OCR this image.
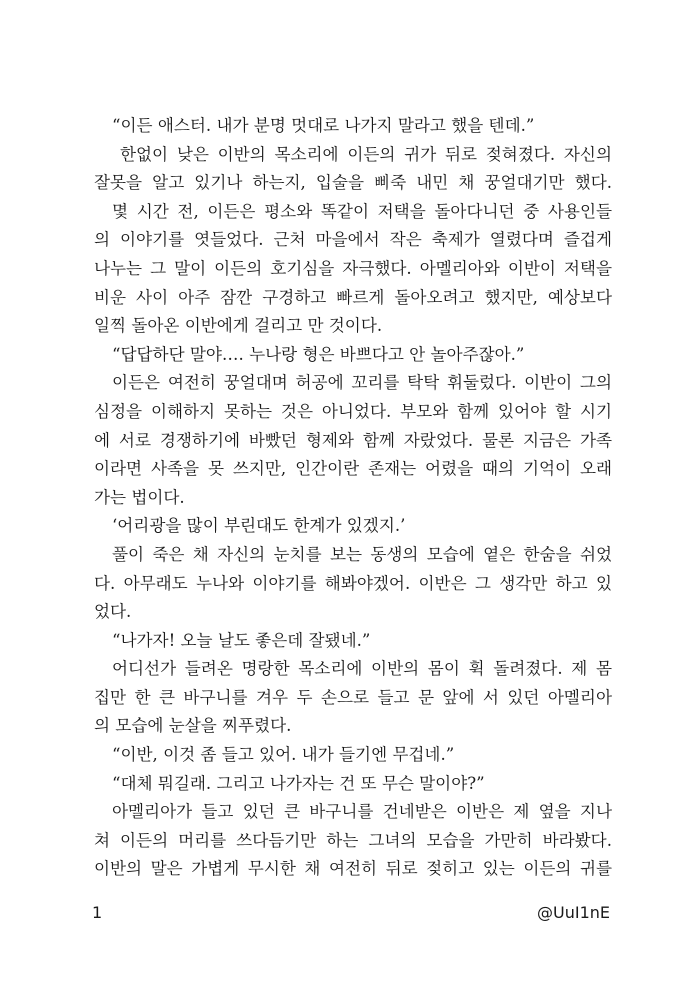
“이든 애스터. 내가 분명 멋대로 나가지 말라고 했을 텐데.”
한없이 낮은 이반의 목소리에 이든의 귀가 뒤로 젖혀졌다. 자신의
잘못을 알고 있기나 하는지, 입술을 삐죽 내민 채 꿍얼대기만 했다.
몇 시간 전, 이든은 평소와 똑같이 저택을 돌아다니던 중 사용인들
의 이야기를 엿들었다. 근처 마을에서 작은 축제가 열렸다며 즐겁게
나누는 그 말이 이든의 호기심을 자극했다. 아멜리아와 이반이 저택을
비운 사이 아주 잠깐 구경하고 빠르게 돌아오려고 했지만, 예상보다
일찍 돌아온 이반에게 걸리고 만 것이다.
“답답하단 말야…. 누나랑 형은 바쁘다고 안 놀아주잖아.”
이든은 여전히 꿍얼대며 허공에 꼬리를 탁탁 휘둘렀다. 이반이 그의
심정을 이해하지 못하는 것은 아니었다. 부모와 함께 있어야 할 시기
에 서로 경쟁하기에 바빴던 형제와 함께 자랐었다. 물론 지금은 가족
이라면 사족을 못 쓰지만, 인간이란 존재는 어렸을 때의 기억이 오래
가는 법이다.
‘어리광을 많이 부린대도 한계가 있겠지.’
풀이 죽은 채 자신의 눈치를 보는 동생의 모습에 옅은 한숨을 쉬었
다. 아무래도 누나와 이야기를 해봐야겠어. 이반은 그 생각만 하고 있
었다.
“나가자! 오늘 날도 좋은데 잘됐네.”
어디선가 들려온 명랑한 목소리에 이반의 몸이 휙 돌려졌다. 제 몸
집만 한 큰 바구니를 겨우 두 손으로 들고 문 앞에 서 있던 아멜리아
의 모습에 눈살을 찌푸렸다.
“이반, 이것 좀 들고 있어. 내가 들기엔 무겁네.”
“대체 뭐길래. 그리고 나가자는 건 또 무슨 말이야?”
아멜리아가 들고 있던 큰 바구니를 건네받은 이반은 제 옆을 지나
쳐 이든의 머리를 쓰다듬기만 하는 그녀의 모습을 가만히 바라봤다.
이반의 말은 가볍게 무시한 채 여전히 뒤로 젖히고 있는 이든의 귀를
1	@UuI1nE
